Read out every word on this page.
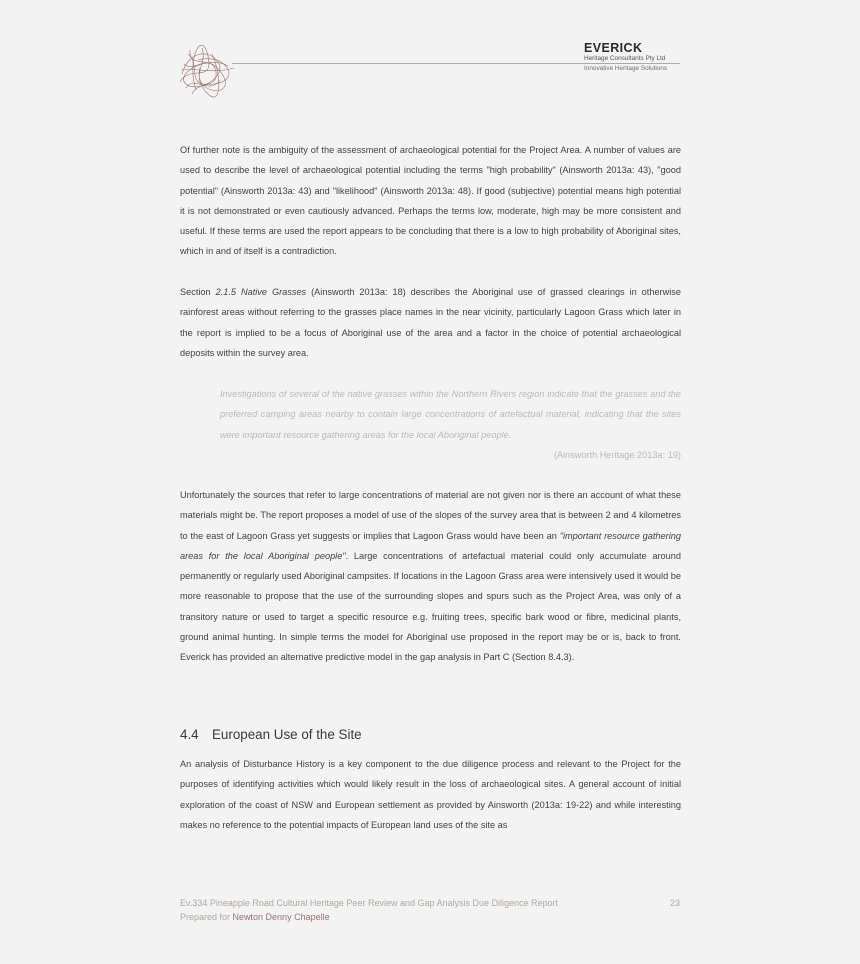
EVERICK
Heritage Consultants Pty Ltd
Innovative Heritage Solutions

Of further note is the ambiguity of the assessment of archaeological potential for the Project Area. A number of values are used to describe the level of archaeological potential including the terms "high probability" (Ainsworth 2013a: 43), "good potential" (Ainsworth 2013a: 43) and "likelihood" (Ainsworth 2013a: 48). If good (subjective) potential means high potential it is not demonstrated or even cautiously advanced. Perhaps the terms low, moderate, high may be more consistent and useful. If these terms are used the report appears to be concluding that there is a low to high probability of Aboriginal sites, which in and of itself is a contradiction.

Section 2.1.5 Native Grasses (Ainsworth 2013a: 18) describes the Aboriginal use of grassed clearings in otherwise rainforest areas without referring to the grasses place names in the near vicinity, particularly Lagoon Grass which later in the report is implied to be a focus of Aboriginal use of the area and a factor in the choice of potential archaeological deposits within the survey area.

Investigations of several of the native grasses within the Northern Rivers region indicate that the grasses and the preferred camping areas nearby to contain large concentrations of artefactual material, indicating that the sites were important resource gathering areas for the local Aboriginal people.

(Ainsworth Heritage 2013a: 19)

Unfortunately the sources that refer to large concentrations of material are not given nor is there an account of what these materials might be. The report proposes a model of use of the slopes of the survey area that is between 2 and 4 kilometres to the east of Lagoon Grass yet suggests or implies that Lagoon Grass would have been an "important resource gathering areas for the local Aboriginal people". Large concentrations of artefactual material could only accumulate around permanently or regularly used Aboriginal campsites. If locations in the Lagoon Grass area were intensively used it would be more reasonable to propose that the use of the surrounding slopes and spurs such as the Project Area, was only of a transitory nature or used to target a specific resource e.g. fruiting trees, specific bark wood or fibre, medicinal plants, ground animal hunting. In simple terms the model for Aboriginal use proposed in the report may be or is, back to front. Everick has provided an alternative predictive model in the gap analysis in Part C (Section 8.4.3).

4.4 European Use of the Site

An analysis of Disturbance History is a key component to the due diligence process and relevant to the Project for the purposes of identifying activities which would likely result in the loss of archaeological sites. A general account of initial exploration of the coast of NSW and European settlement as provided by Ainsworth (2013a: 19-22) and while interesting makes no reference to the potential impacts of European land uses of the site as

Ev.334 Pineapple Road Cultural Heritage Peer Review and Gap Analysis Due Diligence Report
Prepared for Newton Denny Chapelle
23
